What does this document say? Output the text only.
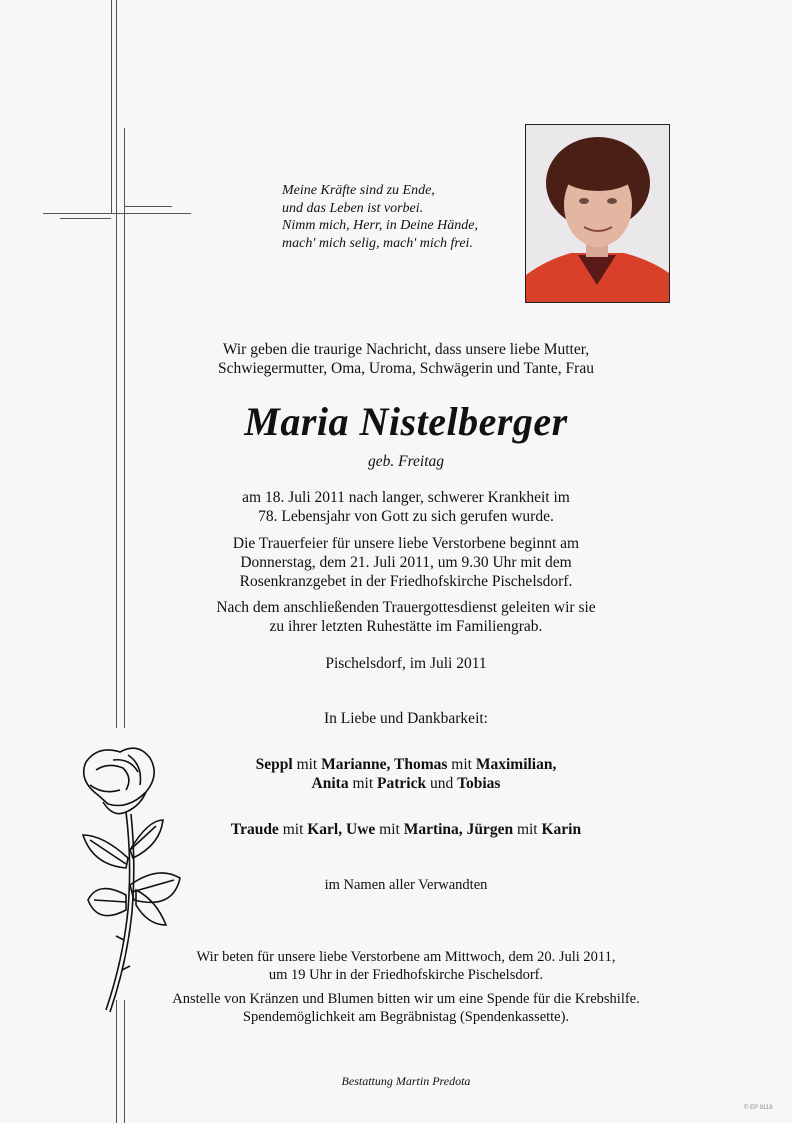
Meine Kräfte sind zu Ende,
und das Leben ist vorbei.
Nimm mich, Herr, in Deine Hände,
mach' mich selig, mach' mich frei.
Wir geben die traurige Nachricht, dass unsere liebe Mutter,
Schwiegermutter, Oma, Uroma, Schwägerin und Tante, Frau
Maria Nistelberger
geb. Freitag
am 18. Juli 2011 nach langer, schwerer Krankheit im
78. Lebensjahr von Gott zu sich gerufen wurde.
Die Trauerfeier für unsere liebe Verstorbene beginnt am
Donnerstag, dem 21. Juli 2011, um 9.30 Uhr mit dem
Rosenkranzgebet in der Friedhofskirche Pischelsdorf.
Nach dem anschließenden Trauergottesdienst geleiten wir sie
zu ihrer letzten Ruhestätte im Familiengrab.
Pischelsdorf, im Juli 2011
In Liebe und Dankbarkeit:
Seppl mit Marianne, Thomas mit Maximilian,
Anita mit Patrick und Tobias
Traude mit Karl, Uwe mit Martina, Jürgen mit Karin
im Namen aller Verwandten
Wir beten für unsere liebe Verstorbene am Mittwoch, dem 20. Juli 2011,
um 19 Uhr in der Friedhofskirche Pischelsdorf.
Anstelle von Kränzen und Blumen bitten wir um eine Spende für die Krebshilfe.
Spendemöglichkeit am Begräbnistag (Spendenkassette).
Bestattung Martin Predota
© EP 9118
